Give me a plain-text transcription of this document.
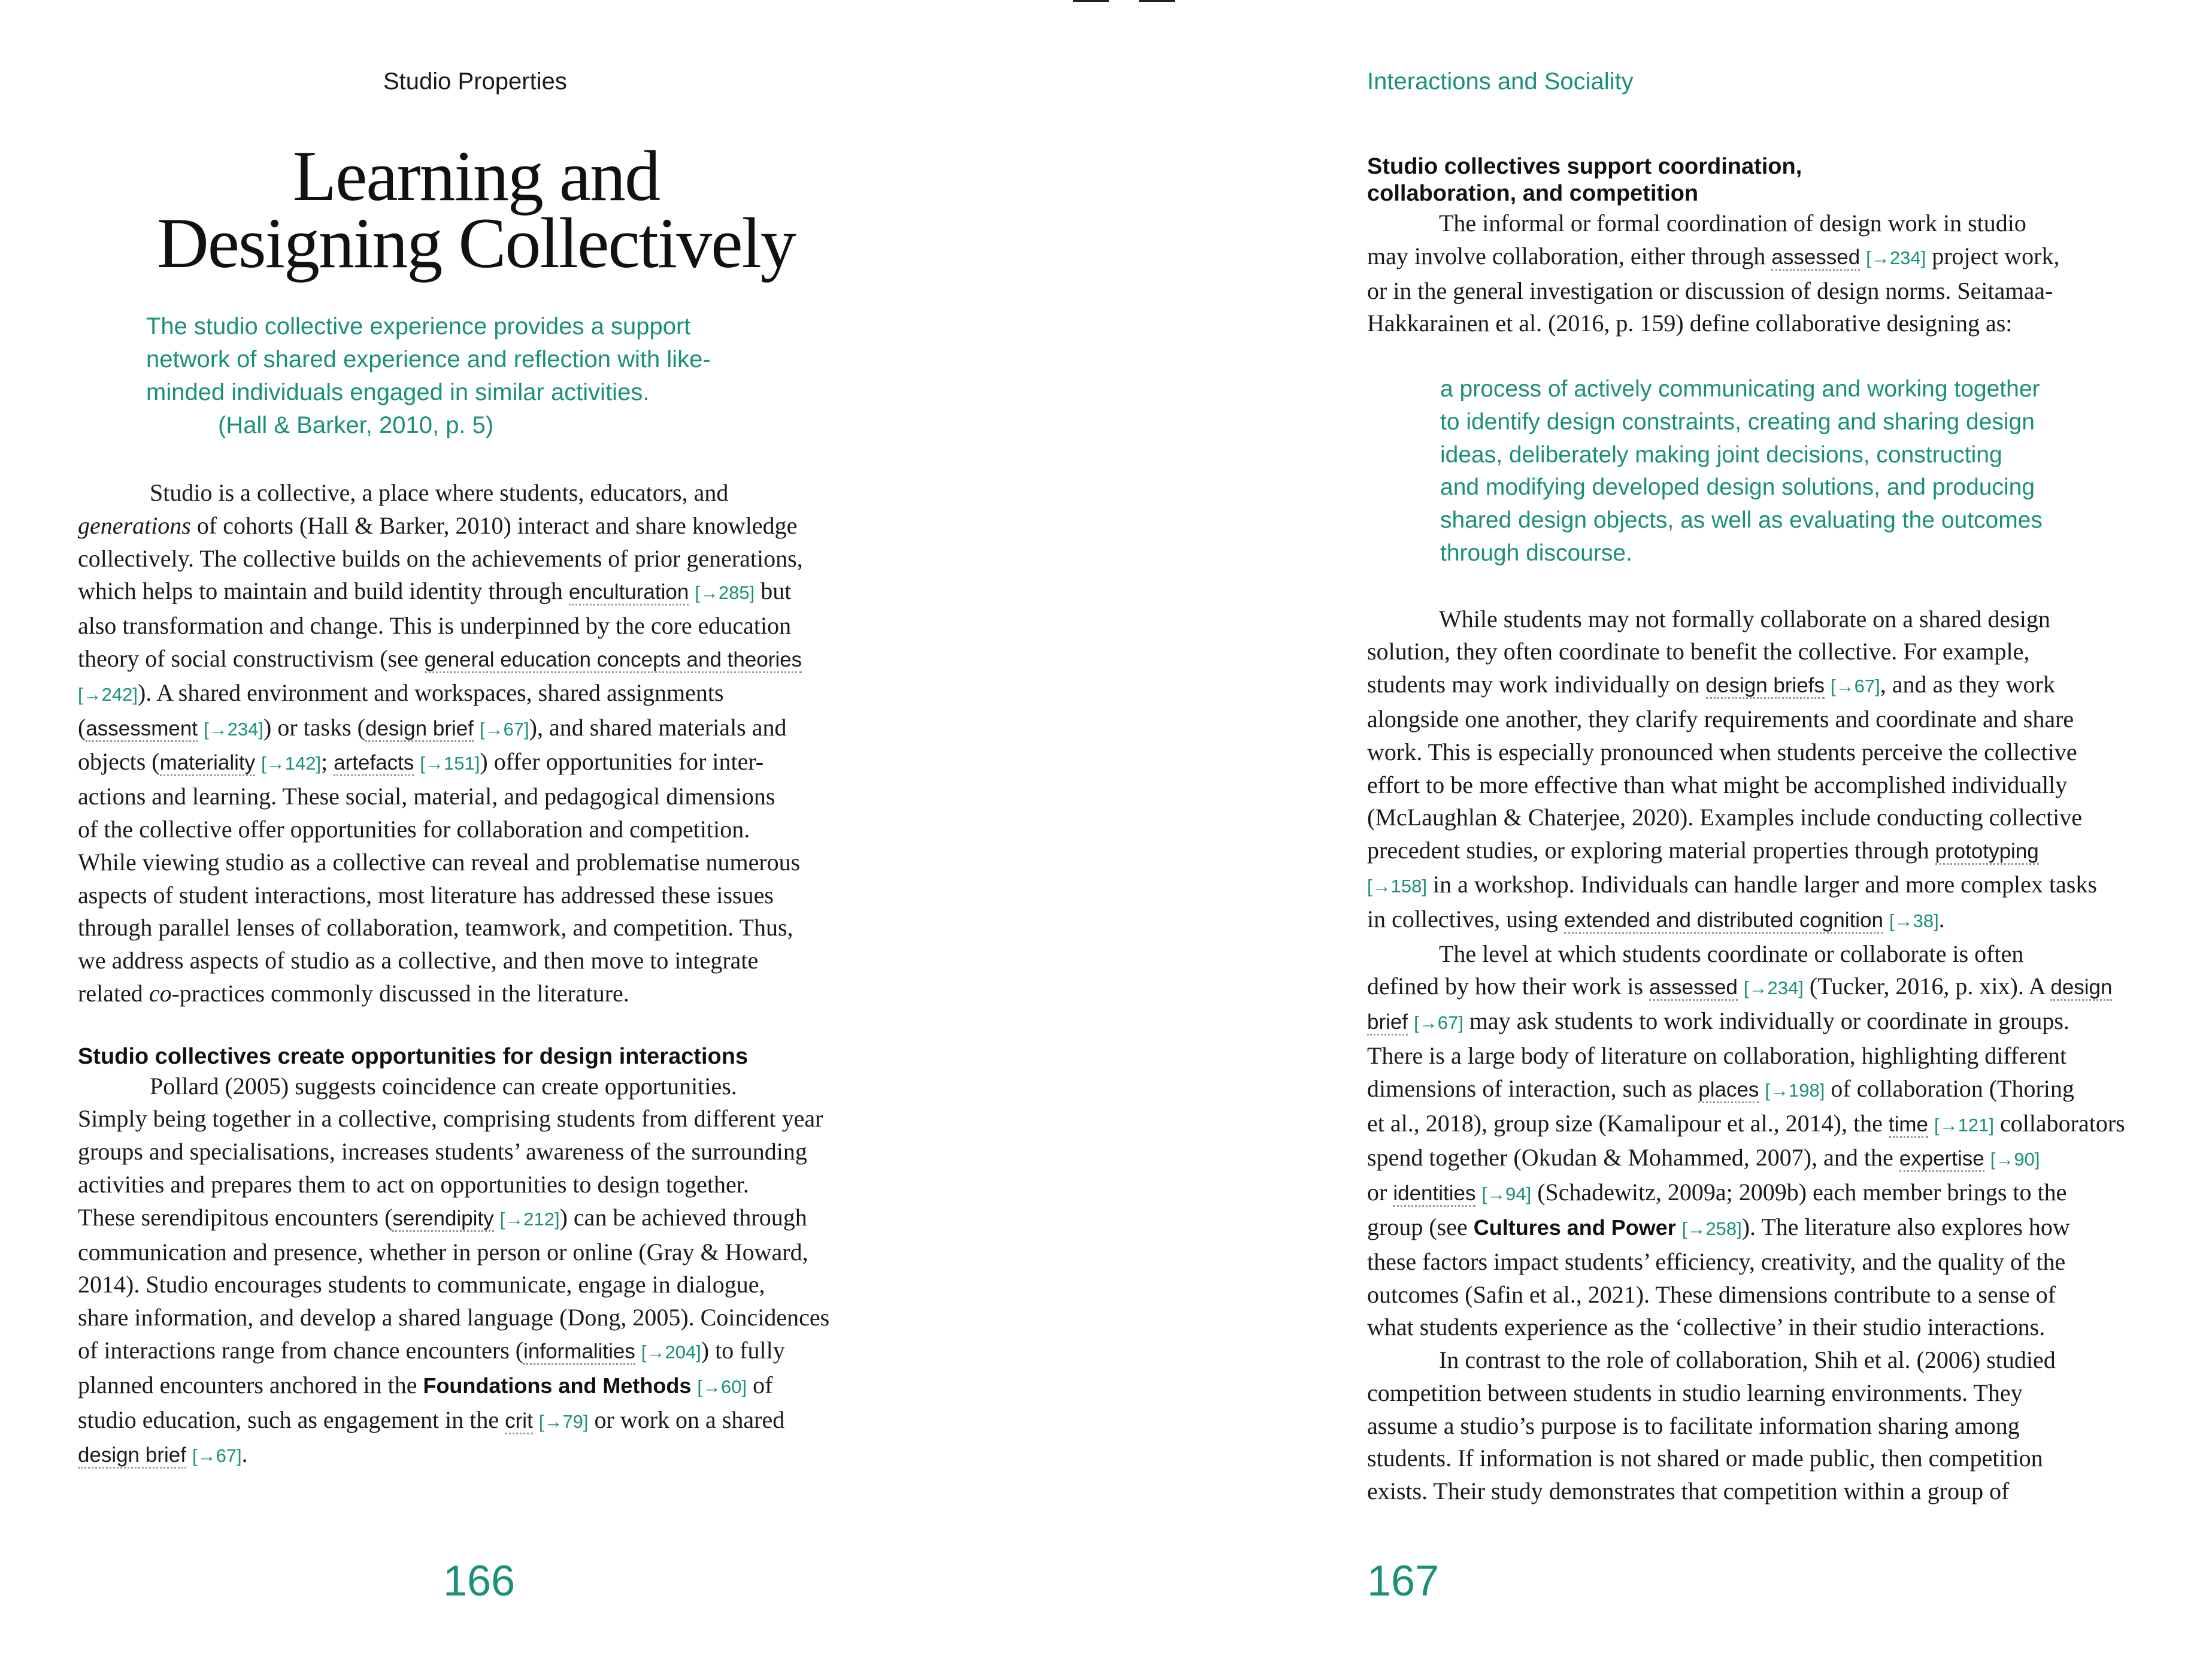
Studio Properties
Learning and
Designing Collectively
The studio collective experience provides a support
network of shared experience and reflection with like-
minded individuals engaged in similar activities.
(Hall & Barker, 2010, p. 5)
Studio is a collective, a place where students, educators, and
generations of cohorts (Hall & Barker, 2010) interact and share knowledge
collectively. The collective builds on the achievements of prior generations,
which helps to maintain and build identity through enculturation [→285] but
also transformation and change. This is underpinned by the core education
theory of social constructivism (see general education concepts and theories
[→242]). A shared environment and workspaces, shared assignments
(assessment [→234]) or tasks (design brief [→67]), and shared materials and
objects (materiality [→142]; artefacts [→151]) offer opportunities for inter-
actions and learning. These social, material, and pedagogical dimensions
of the collective offer opportunities for collaboration and competition.
While viewing studio as a collective can reveal and problematise numerous
aspects of student interactions, most literature has addressed these issues
through parallel lenses of collaboration, teamwork, and competition. Thus,
we address aspects of studio as a collective, and then move to integrate
related co-practices commonly discussed in the literature.
Studio collectives create opportunities for design interactions
Pollard (2005) suggests coincidence can create opportunities.
Simply being together in a collective, comprising students from different year
groups and specialisations, increases students’ awareness of the surrounding
activities and prepares them to act on opportunities to design together.
These serendipitous encounters (serendipity [→212]) can be achieved through
communication and presence, whether in person or online (Gray & Howard,
2014). Studio encourages students to communicate, engage in dialogue,
share information, and develop a shared language (Dong, 2005). Coincidences
of interactions range from chance encounters (informalities [→204]) to fully
planned encounters anchored in the Foundations and Methods [→60] of
studio education, such as engagement in the crit [→79] or work on a shared
design brief [→67].
166
Interactions and Sociality
Studio collectives support coordination,
collaboration, and competition
The informal or formal coordination of design work in studio
may involve collaboration, either through assessed [→234] project work,
or in the general investigation or discussion of design norms. Seitamaa-
Hakkarainen et al. (2016, p. 159) define collaborative designing as:
a process of actively communicating and working together
to identify design constraints, creating and sharing design
ideas, deliberately making joint decisions, constructing
and modifying developed design solutions, and producing
shared design objects, as well as evaluating the outcomes
through discourse.
While students may not formally collaborate on a shared design
solution, they often coordinate to benefit the collective. For example,
students may work individually on design briefs [→67], and as they work
alongside one another, they clarify requirements and coordinate and share
work. This is especially pronounced when students perceive the collective
effort to be more effective than what might be accomplished individually
(McLaughlan & Chaterjee, 2020). Examples include conducting collective
precedent studies, or exploring material properties through prototyping
[→158] in a workshop. Individuals can handle larger and more complex tasks
in collectives, using extended and distributed cognition [→38].
The level at which students coordinate or collaborate is often
defined by how their work is assessed [→234] (Tucker, 2016, p. xix). A design
brief [→67] may ask students to work individually or coordinate in groups.
There is a large body of literature on collaboration, highlighting different
dimensions of interaction, such as places [→198] of collaboration (Thoring
et al., 2018), group size (Kamalipour et al., 2014), the time [→121] collaborators
spend together (Okudan & Mohammed, 2007), and the expertise [→90]
or identities [→94] (Schadewitz, 2009a; 2009b) each member brings to the
group (see Cultures and Power [→258]). The literature also explores how
these factors impact students’ efficiency, creativity, and the quality of the
outcomes (Safin et al., 2021). These dimensions contribute to a sense of
what students experience as the ‘collective’ in their studio interactions.
In contrast to the role of collaboration, Shih et al. (2006) studied
competition between students in studio learning environments. They
assume a studio’s purpose is to facilitate information sharing among
students. If information is not shared or made public, then competition
exists. Their study demonstrates that competition within a group of
167
